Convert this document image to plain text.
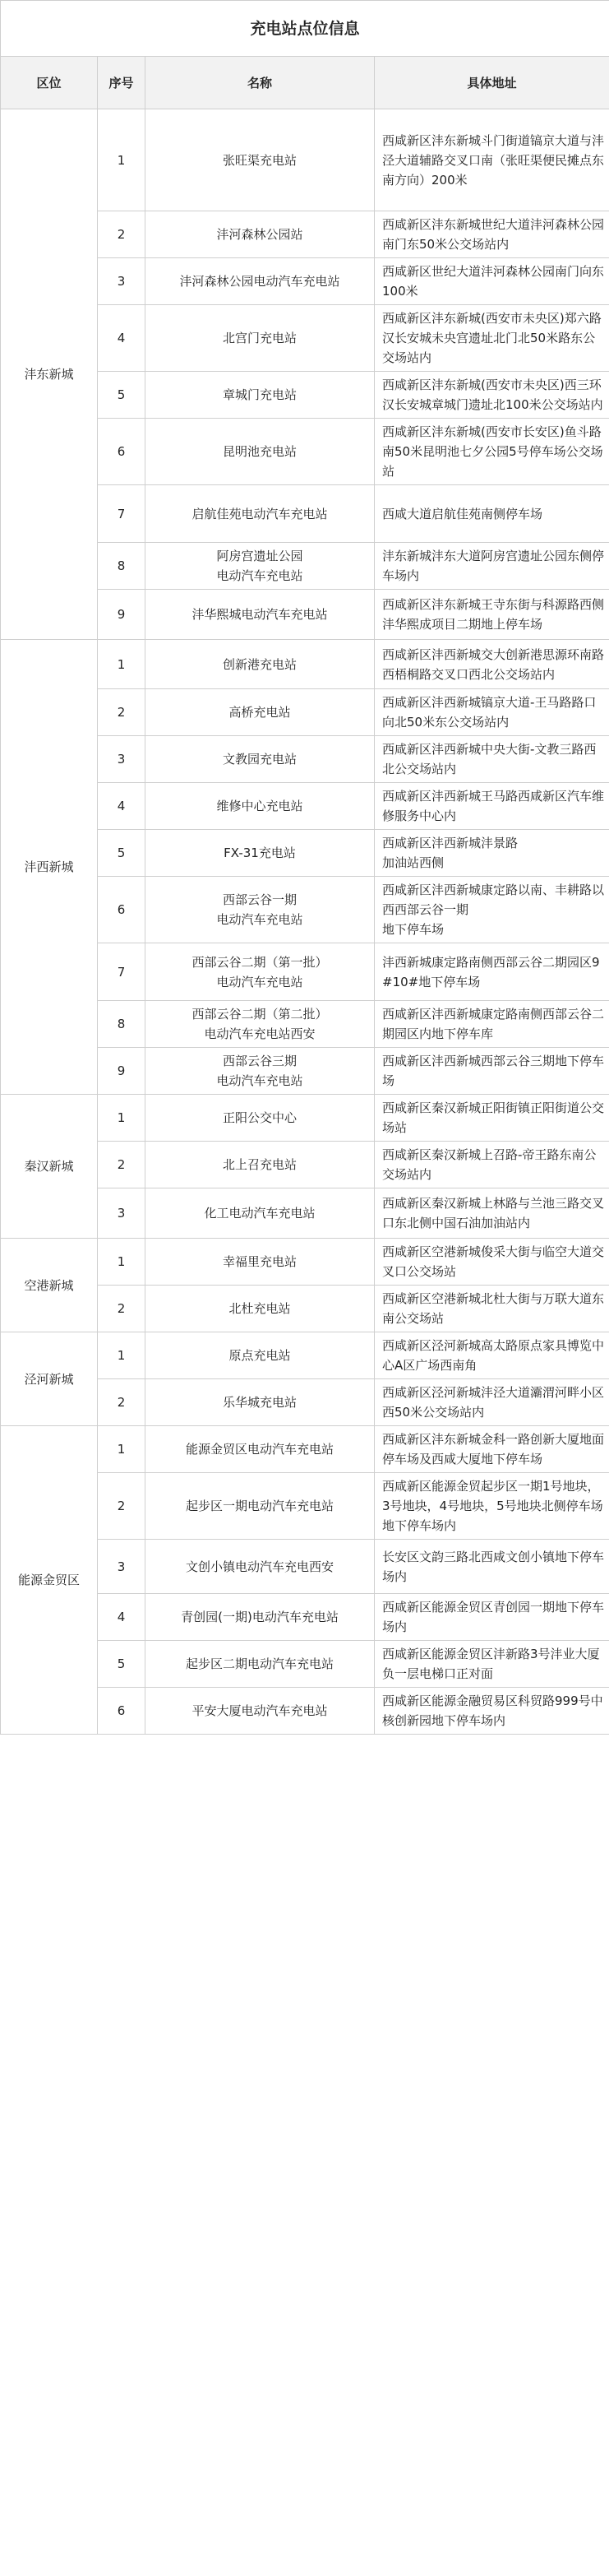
充电站点位信息			
区位	序号	名称	具体地址
沣东新城	1	张旺渠充电站	西咸新区沣东新城斗门街道镐京大道与沣泾大道辅路交叉口南（张旺渠便民摊点东南方向）200米
	2	沣河森林公园站	西咸新区沣东新城世纪大道沣河森林公园南门东50米公交场站内
	3	沣河森林公园电动汽车充电站	西咸新区世纪大道沣河森林公园南门向东100米
	4	北宫门充电站	西咸新区沣东新城(西安市未央区)郑六路汉长安城未央宫遗址北门北50米路东公交场站内
	5	章城门充电站	西咸新区沣东新城(西安市未央区)西三环汉长安城章城门遗址北100米公交场站内
	6	昆明池充电站	西咸新区沣东新城(西安市长安区)鱼斗路南50米昆明池七夕公园5号停车场公交场站
	7	启航佳苑电动汽车充电站	西咸大道启航佳苑南侧停车场
	8	阿房宫遗址公园
电动汽车充电站	沣东新城沣东大道阿房宫遗址公园东侧停车场内
	9	沣华熙城电动汽车充电站	西咸新区沣东新城王寺东街与科源路西侧沣华熙成项目二期地上停车场
沣西新城	1	创新港充电站	西咸新区沣西新城交大创新港思源环南路西梧桐路交叉口西北公交场站内
	2	高桥充电站	西咸新区沣西新城镐京大道-王马路路口向北50米东公交场站内
	3	文教园充电站	西咸新区沣西新城中央大街-文教三路西北公交场站内
	4	维修中心充电站	西咸新区沣西新城王马路西咸新区汽车维修服务中心内
	5	FX-31充电站	西咸新区沣西新城沣景路
加油站西侧
	6	西部云谷一期
电动汽车充电站	西咸新区沣西新城康定路以南、丰耕路以西西部云谷一期
地下停车场
	7	西部云谷二期（第一批）
电动汽车充电站	沣西新城康定路南侧西部云谷二期园区9#10#地下停车场
	8	西部云谷二期（第二批）
电动汽车充电站西安	西咸新区沣西新城康定路南侧西部云谷二期园区内地下停车库
	9	西部云谷三期
电动汽车充电站	西咸新区沣西新城西部云谷三期地下停车场
秦汉新城	1	正阳公交中心	西咸新区秦汉新城正阳街镇正阳街道公交场站
	2	北上召充电站	西咸新区秦汉新城上召路-帝王路东南公交场站内
	3	化工电动汽车充电站	西咸新区秦汉新城上林路与兰池三路交叉口东北侧中国石油加油站内
空港新城	1	幸福里充电站	西咸新区空港新城俊采大街与临空大道交叉口公交场站
	2	北杜充电站	西咸新区空港新城北杜大街与万联大道东南公交场站
泾河新城	1	原点充电站	西咸新区泾河新城高太路原点家具博览中心A区广场西南角
	2	乐华城充电站	西咸新区泾河新城沣泾大道灞渭河畔小区西50米公交场站内
能源金贸区	1	能源金贸区电动汽车充电站	西咸新区沣东新城金科一路创新大厦地面停车场及西咸大厦地下停车场
	2	起步区一期电动汽车充电站	西咸新区能源金贸起步区一期1号地块，3号地块，4号地块，5号地块北侧停车场地下停车场内
	3	文创小镇电动汽车充电西安	长安区文韵三路北西咸文创小镇地下停车场内
	4	青创园(一期)电动汽车充电站	西咸新区能源金贸区青创园一期地下停车场内
	5	起步区二期电动汽车充电站	西咸新区能源金贸区沣新路3号沣业大厦负一层电梯口正对面
	6	平安大厦电动汽车充电站	西咸新区能源金融贸易区科贸路999号中核创新园地下停车场内
